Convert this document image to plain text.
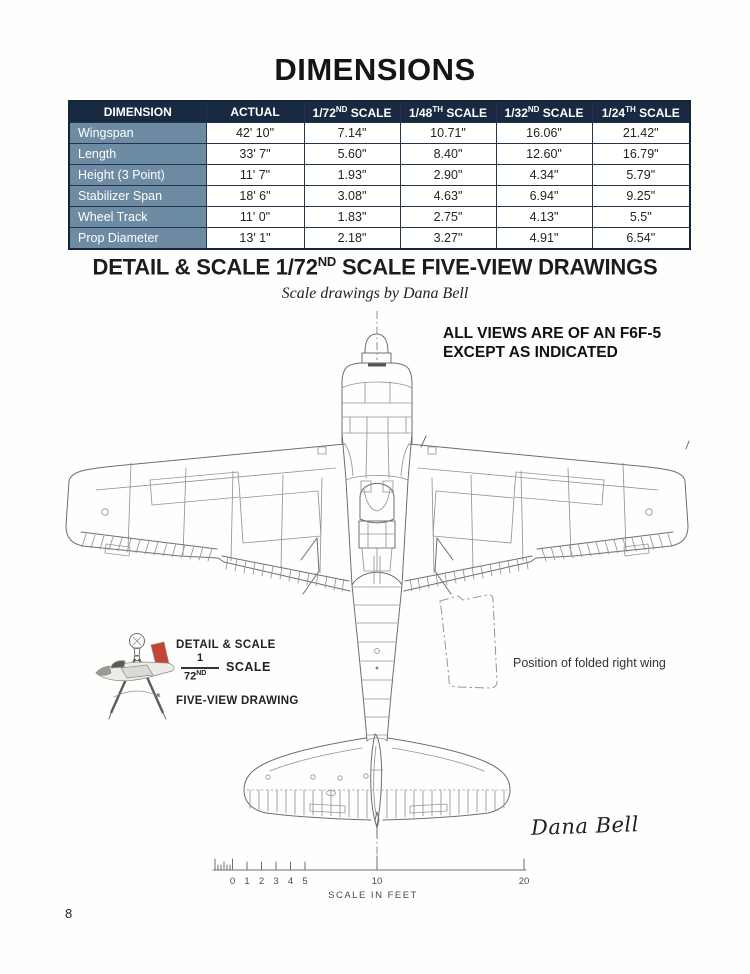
DIMENSIONS
DIMENSION	ACTUAL	1/72ND SCALE	1/48TH SCALE	1/32ND SCALE	1/24TH SCALE
Wingspan	42' 10"	7.14"	10.71"	16.06"	21.42"
Length	33' 7"	5.60"	8.40"	12.60"	16.79"
Height (3 Point)	11' 7"	1.93"	2.90"	4.34"	5.79"
Stabilizer Span	18' 6"	3.08"	4.63"	6.94"	9.25"
Wheel Track	11' 0"	1.83"	2.75"	4.13"	5.5"
Prop Diameter	13' 1"	2.18"	3.27"	4.91"	6.54"
DETAIL & SCALE 1/72ND SCALE FIVE-VIEW DRAWINGS
Scale drawings by Dana Bell
ALL VIEWS ARE OF AN F6F-5
EXCEPT AS INDICATED
0 1 2 3 4 5	10	20
SCALE IN FEET
DETAIL & SCALE
1
72ND SCALE
FIVE-VIEW DRAWING
Position of folded right wing
Dana Bell
8
